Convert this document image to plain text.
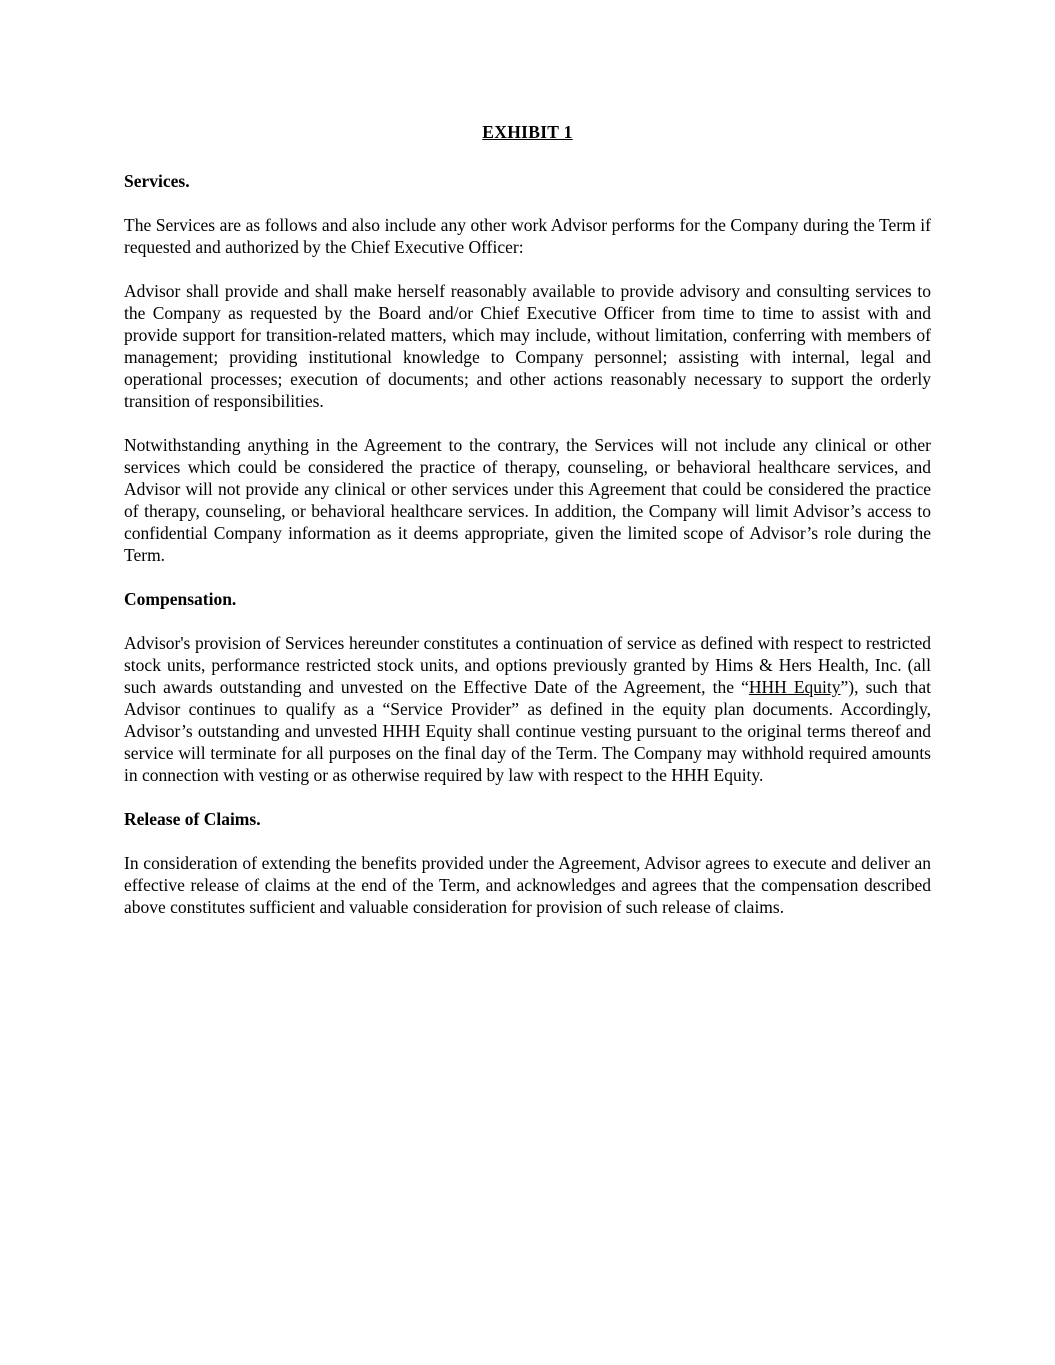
EXHIBIT 1
Services.

The Services are as follows and also include any other work Advisor performs for the Company during the Term if requested and authorized by the Chief Executive Officer:

Advisor shall provide and shall make herself reasonably available to provide advisory and consulting services to the Company as requested by the Board and/or Chief Executive Officer from time to time to assist with and provide support for transition-related matters, which may include, without limitation, conferring with members of management; providing institutional knowledge to Company personnel; assisting with internal, legal and operational processes; execution of documents; and other actions reasonably necessary to support the orderly transition of responsibilities.

Notwithstanding anything in the Agreement to the contrary, the Services will not include any clinical or other services which could be considered the practice of therapy, counseling, or behavioral healthcare services, and Advisor will not provide any clinical or other services under this Agreement that could be considered the practice of therapy, counseling, or behavioral healthcare services. In addition, the Company will limit Advisor’s access to confidential Company information as it deems appropriate, given the limited scope of Advisor’s role during the Term.

Compensation.

Advisor's provision of Services hereunder constitutes a continuation of service as defined with respect to restricted stock units, performance restricted stock units, and options previously granted by Hims & Hers Health, Inc. (all such awards outstanding and unvested on the Effective Date of the Agreement, the “HHH Equity”), such that Advisor continues to qualify as a “Service Provider” as defined in the equity plan documents. Accordingly, Advisor’s outstanding and unvested HHH Equity shall continue vesting pursuant to the original terms thereof and service will terminate for all purposes on the final day of the Term. The Company may withhold required amounts in connection with vesting or as otherwise required by law with respect to the HHH Equity.

Release of Claims.

In consideration of extending the benefits provided under the Agreement, Advisor agrees to execute and deliver an effective release of claims at the end of the Term, and acknowledges and agrees that the compensation described above constitutes sufficient and valuable consideration for provision of such release of claims.
